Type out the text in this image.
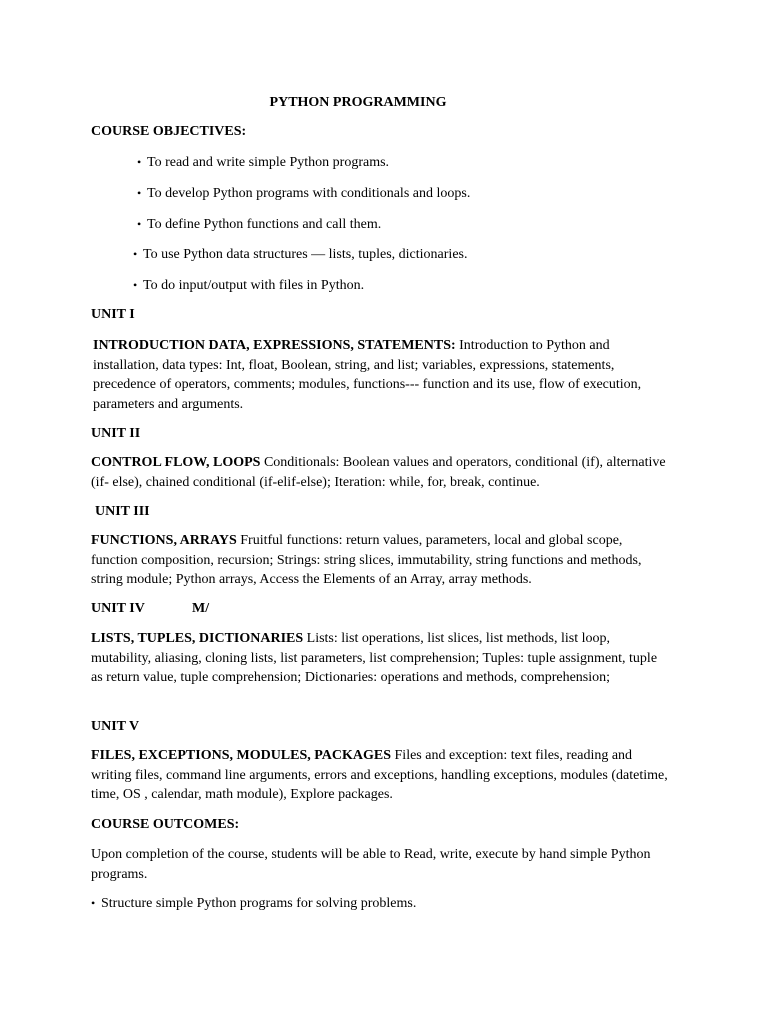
PYTHON PROGRAMMING
COURSE OBJECTIVES:
• To read and write simple Python programs.
• To develop Python programs with conditionals and loops.
• To define Python functions and call them.
• To use Python data structures — lists, tuples, dictionaries.
• To do input/output with files in Python.
UNIT I
INTRODUCTION DATA, EXPRESSIONS, STATEMENTS: Introduction to Python and installation, data types: Int, float, Boolean, string, and list; variables, expressions, statements, precedence of operators, comments; modules, functions--- function and its use, flow of execution, parameters and arguments.
UNIT II
CONTROL FLOW, LOOPS Conditionals: Boolean values and operators, conditional (if), alternative (if- else), chained conditional (if-elif-else); Iteration: while, for, break, continue.
UNIT III
FUNCTIONS, ARRAYS Fruitful functions: return values, parameters, local and global scope, function composition, recursion; Strings: string slices, immutability, string functions and methods, string module; Python arrays, Access the Elements of an Array, array methods.
UNIT IV	M/
LISTS, TUPLES, DICTIONARIES Lists: list operations, list slices, list methods, list loop, mutability, aliasing, cloning lists, list parameters, list comprehension; Tuples: tuple assignment, tuple as return value, tuple comprehension; Dictionaries: operations and methods, comprehension;
UNIT V
FILES, EXCEPTIONS, MODULES, PACKAGES Files and exception: text files, reading and writing files, command line arguments, errors and exceptions, handling exceptions, modules (datetime, time, OS , calendar, math module), Explore packages.
COURSE OUTCOMES:
Upon completion of the course, students will be able to Read, write, execute by hand simple Python programs.
• Structure simple Python programs for solving problems.
